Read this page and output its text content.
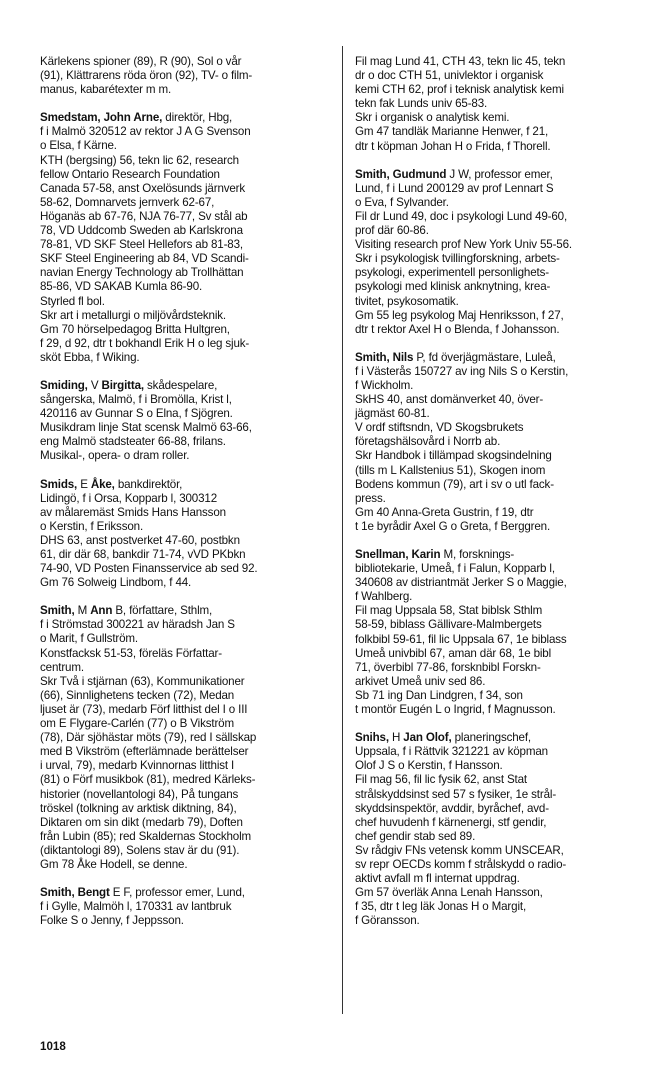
Kärlekens spioner (89), R (90), Sol o vår
(91), Klättrarens röda öron (92), TV- o film-
manus, kabarétexter m m.

Smedstam, John Arne, direktör, Hbg,
f i Malmö 320512 av rektor J A G Svenson
o Elsa, f Kärne.
KTH (bergsing) 56, tekn lic 62, research
fellow Ontario Research Foundation
Canada 57-58, anst Oxelösunds järnverk
58-62, Domnarvets jernverk 62-67,
Höganäs ab 67-76, NJA 76-77, Sv stål ab
78, VD Uddcomb Sweden ab Karlskrona
78-81, VD SKF Steel Hellefors ab 81-83,
SKF Steel Engineering ab 84, VD Scandi-
navian Energy Technology ab Trollhättan
85-86, VD SAKAB Kumla 86-90.
Styrled fl bol.
Skr art i metallurgi o miljövårdsteknik.
Gm 70 hörselpedagog Britta Hultgren,
f 29, d 92, dtr t bokhandl Erik H o leg sjuk-
sköt Ebba, f Wiking.

Smiding, V Birgitta, skådespelare,
sångerska, Malmö, f i Bromölla, Krist l,
420116 av Gunnar S o Elna, f Sjögren.
Musikdram linje Stat scensk Malmö 63-66,
eng Malmö stadsteater 66-88, frilans.
Musikal-, opera- o dram roller.

Smids, E Åke, bankdirektör,
Lidingö, f i Orsa, Kopparb l, 300312
av målaremäst Smids Hans Hansson
o Kerstin, f Eriksson.
DHS 63, anst postverket 47-60, postbkn
61, dir där 68, bankdir 71-74, vVD PKbkn
74-90, VD Posten Finansservice ab sed 92.
Gm 76 Solweig Lindbom, f 44.

Smith, M Ann B, författare, Sthlm,
f i Strömstad 300221 av häradsh Jan S
o Marit, f Gullström.
Konstfacksk 51-53, föreläs Författar-
centrum.
Skr Två i stjärnan (63), Kommunikationer
(66), Sinnlighetens tecken (72), Medan
ljuset är (73), medarb Förf litthist del I o III
om E Flygare-Carlén (77) o B Vikström
(78), Där sjöhästar möts (79), red I sällskap
med B Vikström (efterlämnade berättelser
i urval, 79), medarb Kvinnornas litthist I
(81) o Förf musikbok (81), medred Kärleks-
historier (novellantologi 84), På tungans
tröskel (tolkning av arktisk diktning, 84),
Diktaren om sin dikt (medarb 79), Doften
från Lubin (85); red Skaldernas Stockholm
(diktantologi 89), Solens stav är du (91).
Gm 78 Åke Hodell, se denne.

Smith, Bengt E F, professor emer, Lund,
f i Gylle, Malmöh l, 170331 av lantbruk
Folke S o Jenny, f Jeppsson.

Fil mag Lund 41, CTH 43, tekn lic 45, tekn
dr o doc CTH 51, univlektor i organisk
kemi CTH 62, prof i teknisk analytisk kemi
tekn fak Lunds univ 65-83.
Skr i organisk o analytisk kemi.
Gm 47 tandläk Marianne Henwer, f 21,
dtr t köpman Johan H o Frida, f Thorell.

Smith, Gudmund J W, professor emer,
Lund, f i Lund 200129 av prof Lennart S
o Eva, f Sylvander.
Fil dr Lund 49, doc i psykologi Lund 49-60,
prof där 60-86.
Visiting research prof New York Univ 55-56.
Skr i psykologisk tvillingforskning, arbets-
psykologi, experimentell personlighets-
psykologi med klinisk anknytning, krea-
tivitet, psykosomatik.
Gm 55 leg psykolog Maj Henriksson, f 27,
dtr t rektor Axel H o Blenda, f Johansson.

Smith, Nils P, fd överjägmästare, Luleå,
f i Västerås 150727 av ing Nils S o Kerstin,
f Wickholm.
SkHS 40, anst domänverket 40, över-
jägmäst 60-81.
V ordf stiftsndn, VD Skogsbrukets
företagshälsovård i Norrb ab.
Skr Handbok i tillämpad skogsindelning
(tills m L Kallstenius 51), Skogen inom
Bodens kommun (79), art i sv o utl fack-
press.
Gm 40 Anna-Greta Gustrin, f 19, dtr
t 1e byrådir Axel G o Greta, f Berggren.

Snellman, Karin M, forsknings-
bibliotekarie, Umeå, f i Falun, Kopparb l,
340608 av distriantmät Jerker S o Maggie,
f Wahlberg.
Fil mag Uppsala 58, Stat biblsk Sthlm
58-59, biblass Gällivare-Malmbergets
folkbibl 59-61, fil lic Uppsala 67, 1e biblass
Umeå univbibl 67, aman där 68, 1e bibl
71, överbibl 77-86, forsknbibl Forskn-
arkivet Umeå univ sed 86.
Sb 71 ing Dan Lindgren, f 34, son
t montör Eugén L o Ingrid, f Magnusson.

Snihs, H Jan Olof, planeringschef,
Uppsala, f i Rättvik 321221 av köpman
Olof J S o Kerstin, f Hansson.
Fil mag 56, fil lic fysik 62, anst Stat
strålskyddsinst sed 57 s fysiker, 1e strål-
skyddsinspektör, avddir, byråchef, avd-
chef huvudenh f kärnenergi, stf gendir,
chef gendir stab sed 89.
Sv rådgiv FNs vetensk komm UNSCEAR,
sv repr OECDs komm f strålskydd o radio-
aktivt avfall m fl internat uppdrag.
Gm 57 överläk Anna Lenah Hansson,
f 35, dtr t leg läk Jonas H o Margit,
f Göransson.

1018
